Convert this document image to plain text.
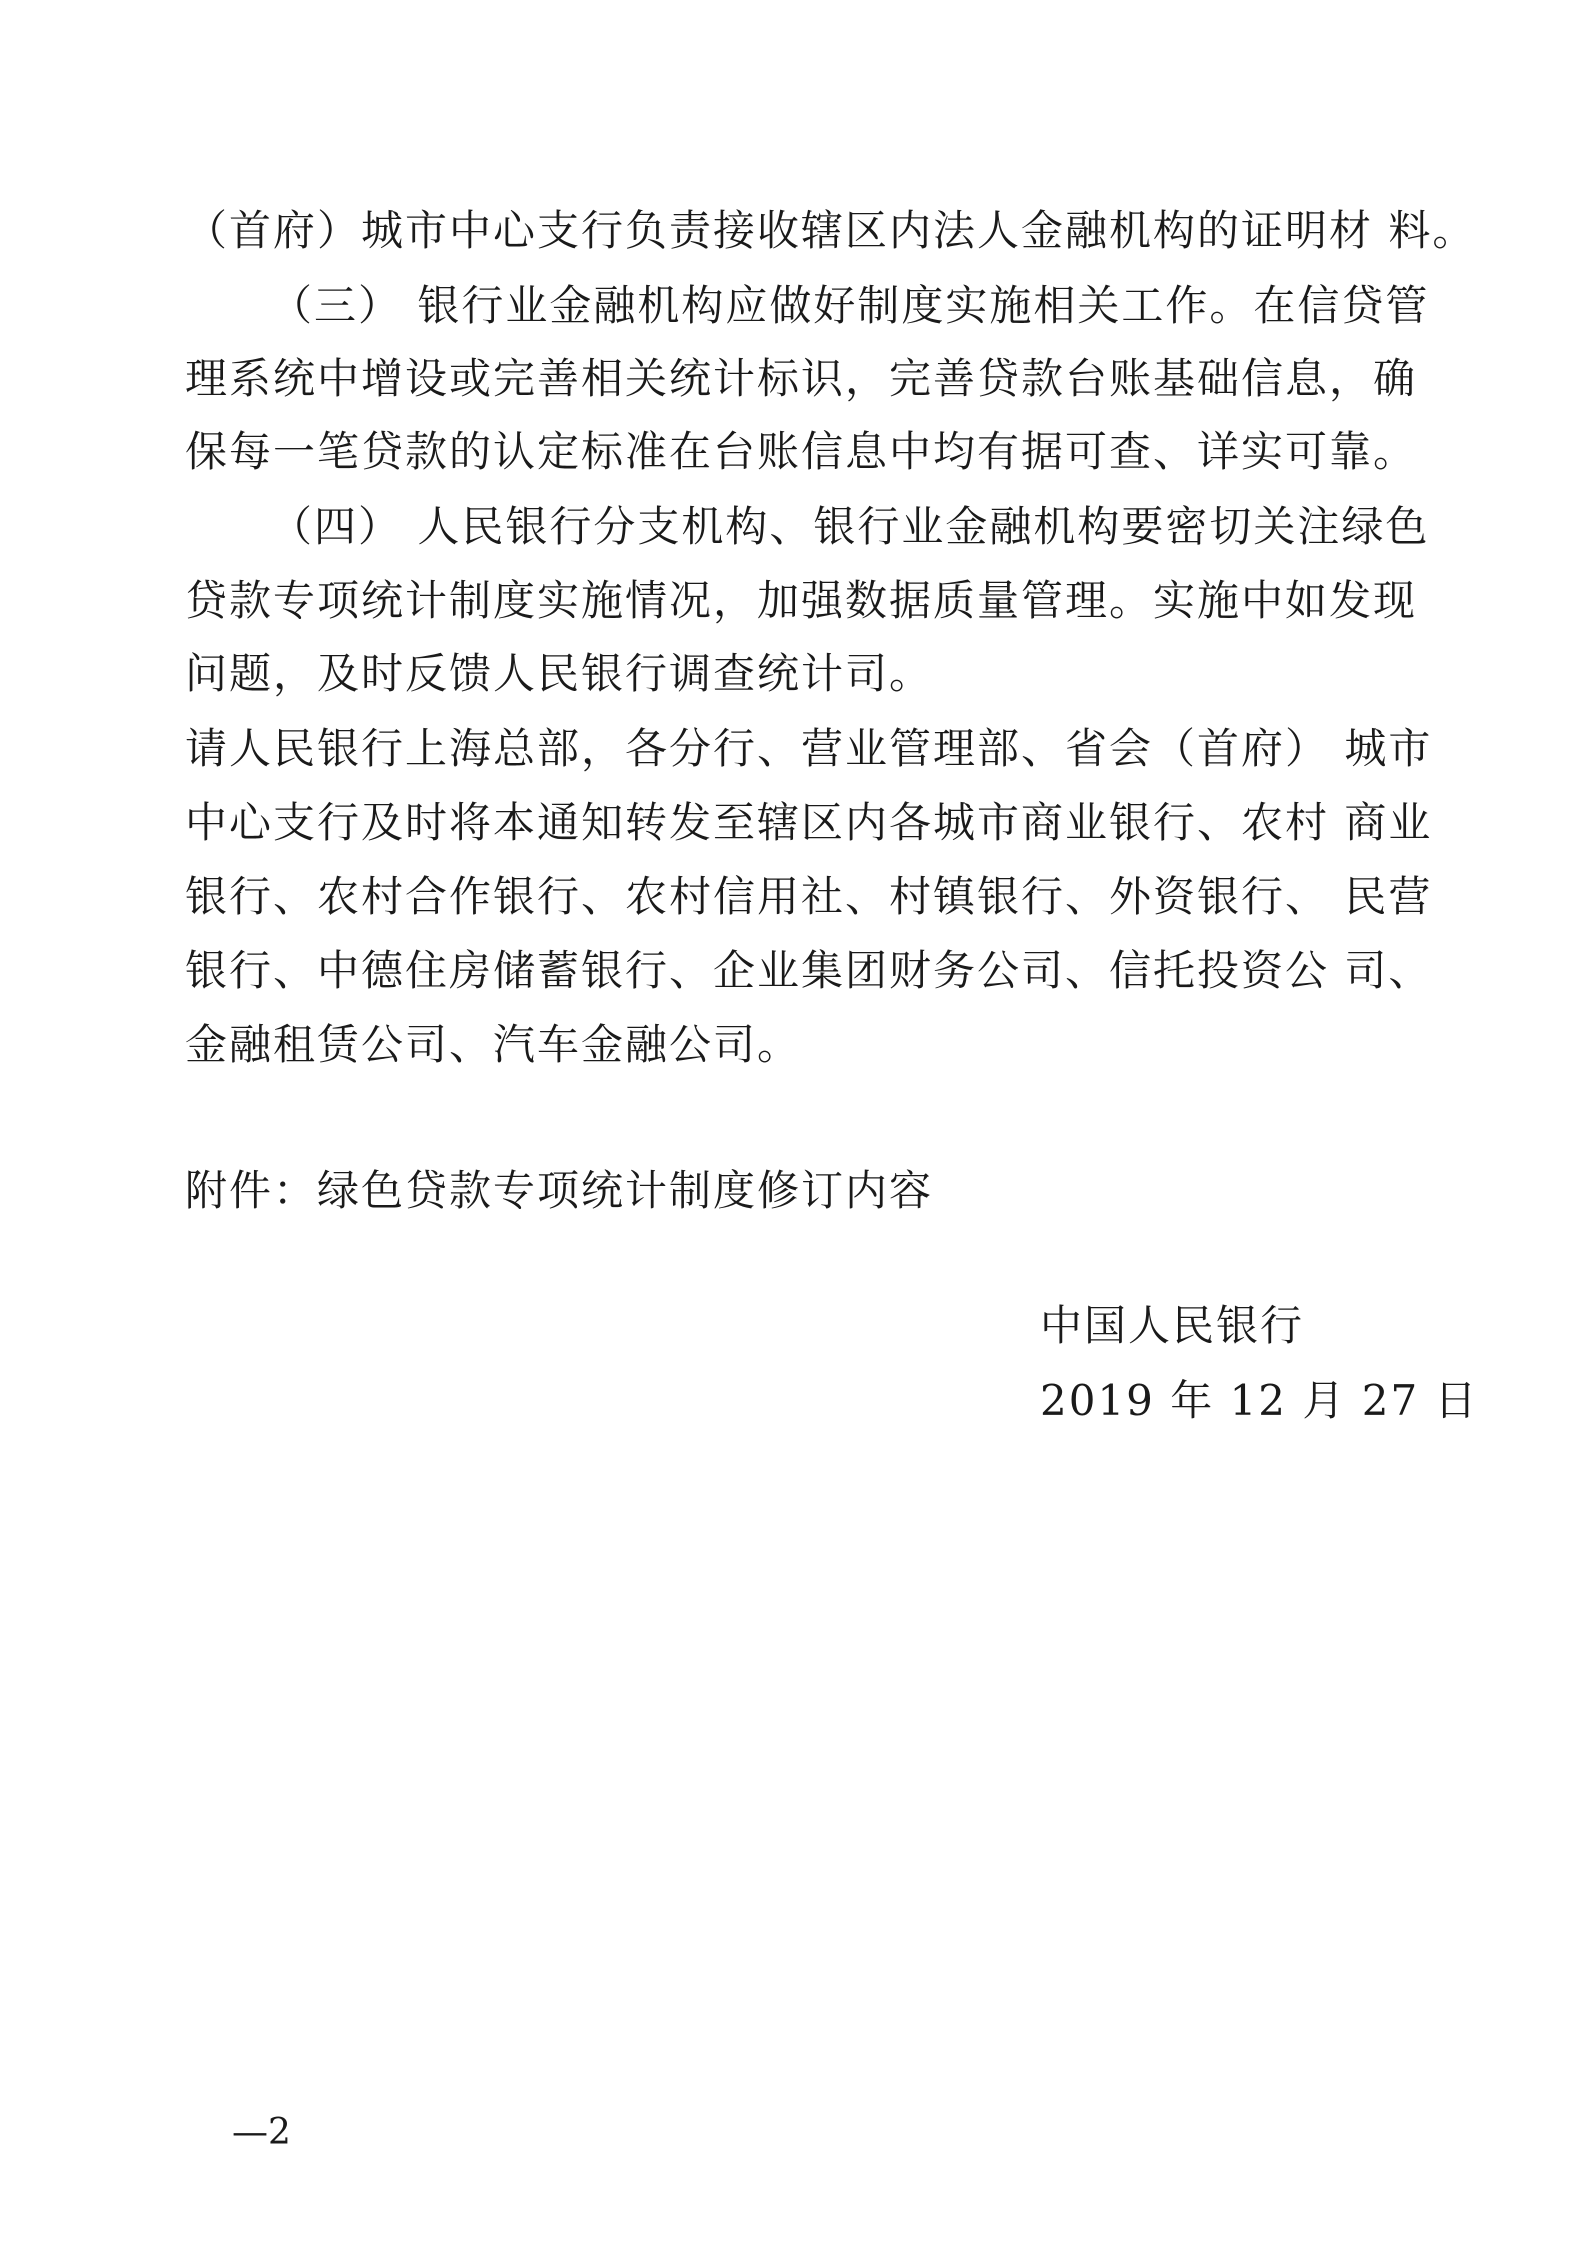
（首府）城市中心支行负责接收辖区内法人金融机构的证明材 料。
（三） 银行业金融机构应做好制度实施相关工作。在信贷管
理系统中增设或完善相关统计标识，完善贷款台账基础信息，确
保每一笔贷款的认定标准在台账信息中均有据可查、详实可靠。
（四） 人民银行分支机构、银行业金融机构要密切关注绿色
贷款专项统计制度实施情况，加强数据质量管理。实施中如发现
问题，及时反馈人民银行调查统计司。
请人民银行上海总部，各分行、营业管理部、省会（首府） 城市
中心支行及时将本通知转发至辖区内各城市商业银行、农村 商业
银行、农村合作银行、农村信用社、村镇银行、外资银行、 民营
银行、中德住房储蓄银行、企业集团财务公司、信托投资公 司、
金融租赁公司、汽车金融公司。
附件：绿色贷款专项统计制度修订内容
中国人民银行
2019 年 12 月 27 日
—2
